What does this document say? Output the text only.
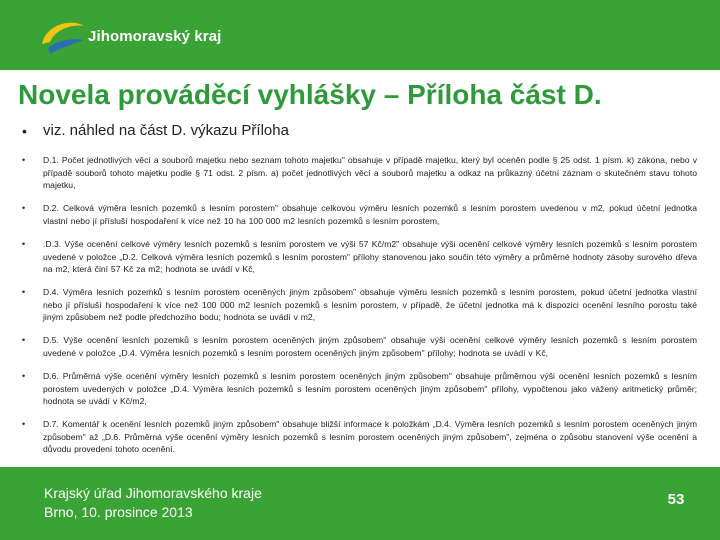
Jihomoravský kraj
Novela prováděcí vyhlášky – Příloha část D.
• viz. náhled na část D. výkazu Příloha
• D.1. Počet jednotlivých věcí a souborů majetku nebo seznam tohoto majetku" obsahuje v případě majetku, který byl oceněn podle § 25 odst. 1 písm. k) zákona, nebo v případě souborů tohoto majetku podle § 71 odst. 2 písm. a) počet jednotlivých věcí a souborů majetku a odkaz na průkazný účetní záznam o skutečném stavu tohoto majetku,
• D.2. Celková výměra lesních pozemků s lesním porostem" obsahuje celkovou výměru lesních pozemků s lesním porostem uvedenou v m2, pokud účetní jednotka vlastní nebo jí přísluší hospodaření k více než 10 ha 100 000 m2 lesních pozemků s lesním porostem,
• .D.3. Výše ocenění celkové výměry lesních pozemků s lesním porostem ve výši 57 Kč/m2" obsahuje výši ocenění celkové výměry lesních pozemků s lesním porostem uvedené v položce „D.2. Celková výměra lesních pozemků s lesním porostem" přílohy stanovenou jako součin této výměry a průměrné hodnoty zásoby surového dřeva na m2, která činí 57 Kč za m2; hodnota se uvádí v Kč,
• D.4. Výměra lesních pozemků s lesním porostem oceněných jiným způsobem" obsahuje výměru lesních pozemků s lesním porostem, pokud účetní jednotka vlastní nebo jí přísluší hospodaření k více než 100 000 m2 lesních pozemků s lesním porostem, v případě, že účetní jednotka má k dispozici ocenění lesního porostu také jiným způsobem než podle předchozího bodu; hodnota se uvádí v m2,
• D.5. Výše ocenění lesních pozemků s lesním porostem oceněných jiným způsobem" obsahuje výši ocenění celkové výměry lesních pozemků s lesním porostem uvedené v položce „D.4. Výměra lesních pozemků s lesním porostem oceněných jiným způsobem" přílohy; hodnota se uvádí v Kč,
• D.6. Průměrná výše ocenění výměry lesních pozemků s lesním porostem oceněných jiným způsobem" obsahuje průměrnou výši ocenění lesních pozemků s lesním porostem uvedených v položce „D.4. Výměra lesních pozemků s lesním porostem oceněných jiným způsobem" přílohy, vypočtenou jako vážený aritmetický průměr; hodnota se uvádí v Kč/m2,
• D.7. Komentář k ocenění lesních pozemků jiným způsobem" obsahuje bližší informace k položkám „D.4. Výměra lesních pozemků s lesním porostem oceněných jiným způsobem" až „D.6. Průměrná výše ocenění výměry lesních pozemků s lesním porostem oceněných jiným způsobem", zejména o způsobu stanovení výše ocenění a důvodu provedení tohoto ocenění.
Krajský úřad Jihomoravského kraje
Brno, 10. prosince 2013
53
